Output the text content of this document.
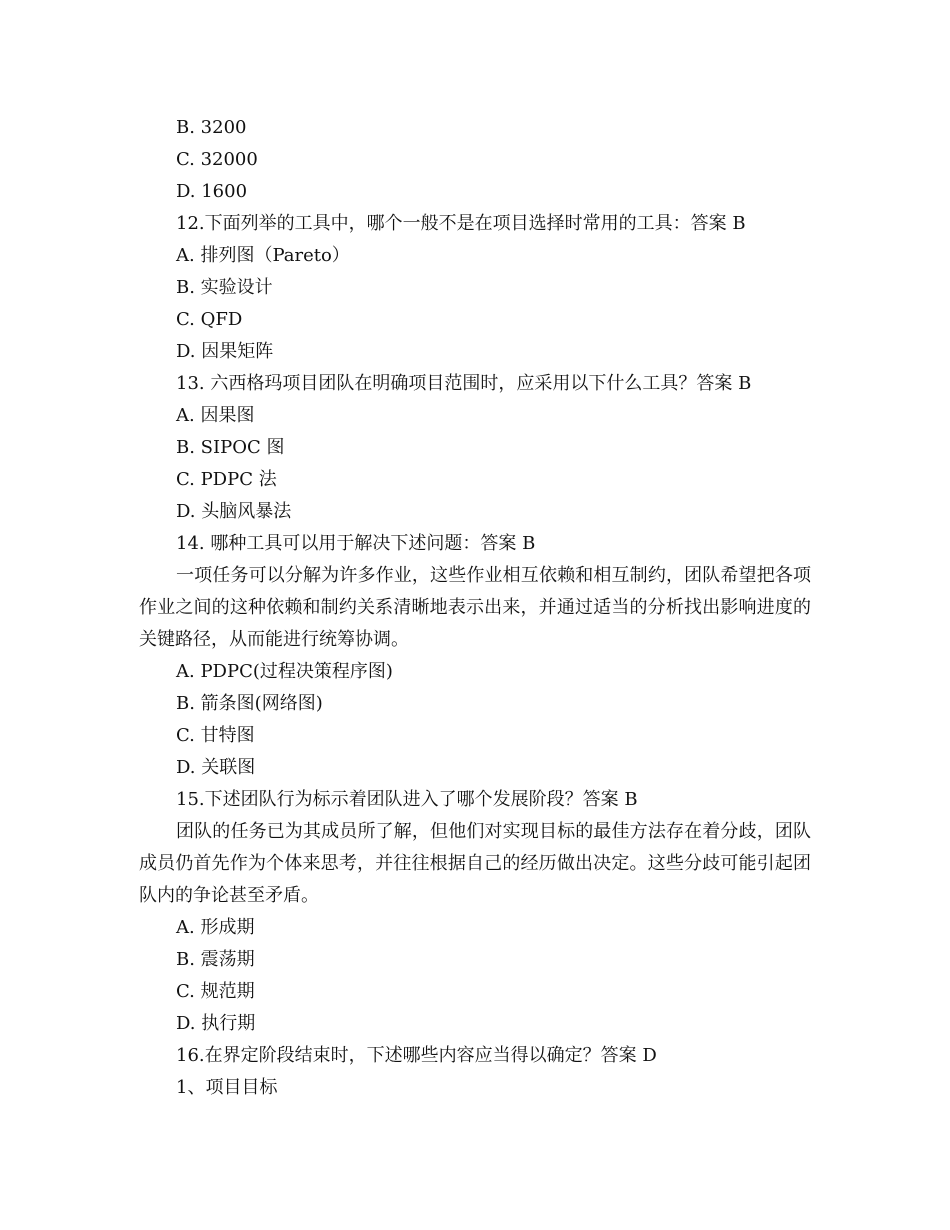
B. 3200
C. 32000
D. 1600
12.下面列举的工具中，哪个一般不是在项目选择时常用的工具：答案 B
A. 排列图（Pareto）
B. 实验设计
C. QFD
D. 因果矩阵
13. 六西格玛项目团队在明确项目范围时，应采用以下什么工具？答案 B
A. 因果图
B. SIPOC 图
C. PDPC 法
D. 头脑风暴法
14. 哪种工具可以用于解决下述问题：答案 B

一项任务可以分解为许多作业，这些作业相互依赖和相互制约，团队希望把各项作业之间的这种依赖和制约关系清晰地表示出来，并通过适当的分析找出影响进度的关键路径，从而能进行统筹协调。

A. PDPC(过程决策程序图)
B. 箭条图(网络图)
C. 甘特图
D. 关联图
15.下述团队行为标示着团队进入了哪个发展阶段？答案 B

团队的任务已为其成员所了解，但他们对实现目标的最佳方法存在着分歧，团队成员仍首先作为个体来思考，并往往根据自己的经历做出决定。这些分歧可能引起团队内的争论甚至矛盾。

A. 形成期
B. 震荡期
C. 规范期
D. 执行期
16.在界定阶段结束时，下述哪些内容应当得以确定？答案 D
1、项目目标
